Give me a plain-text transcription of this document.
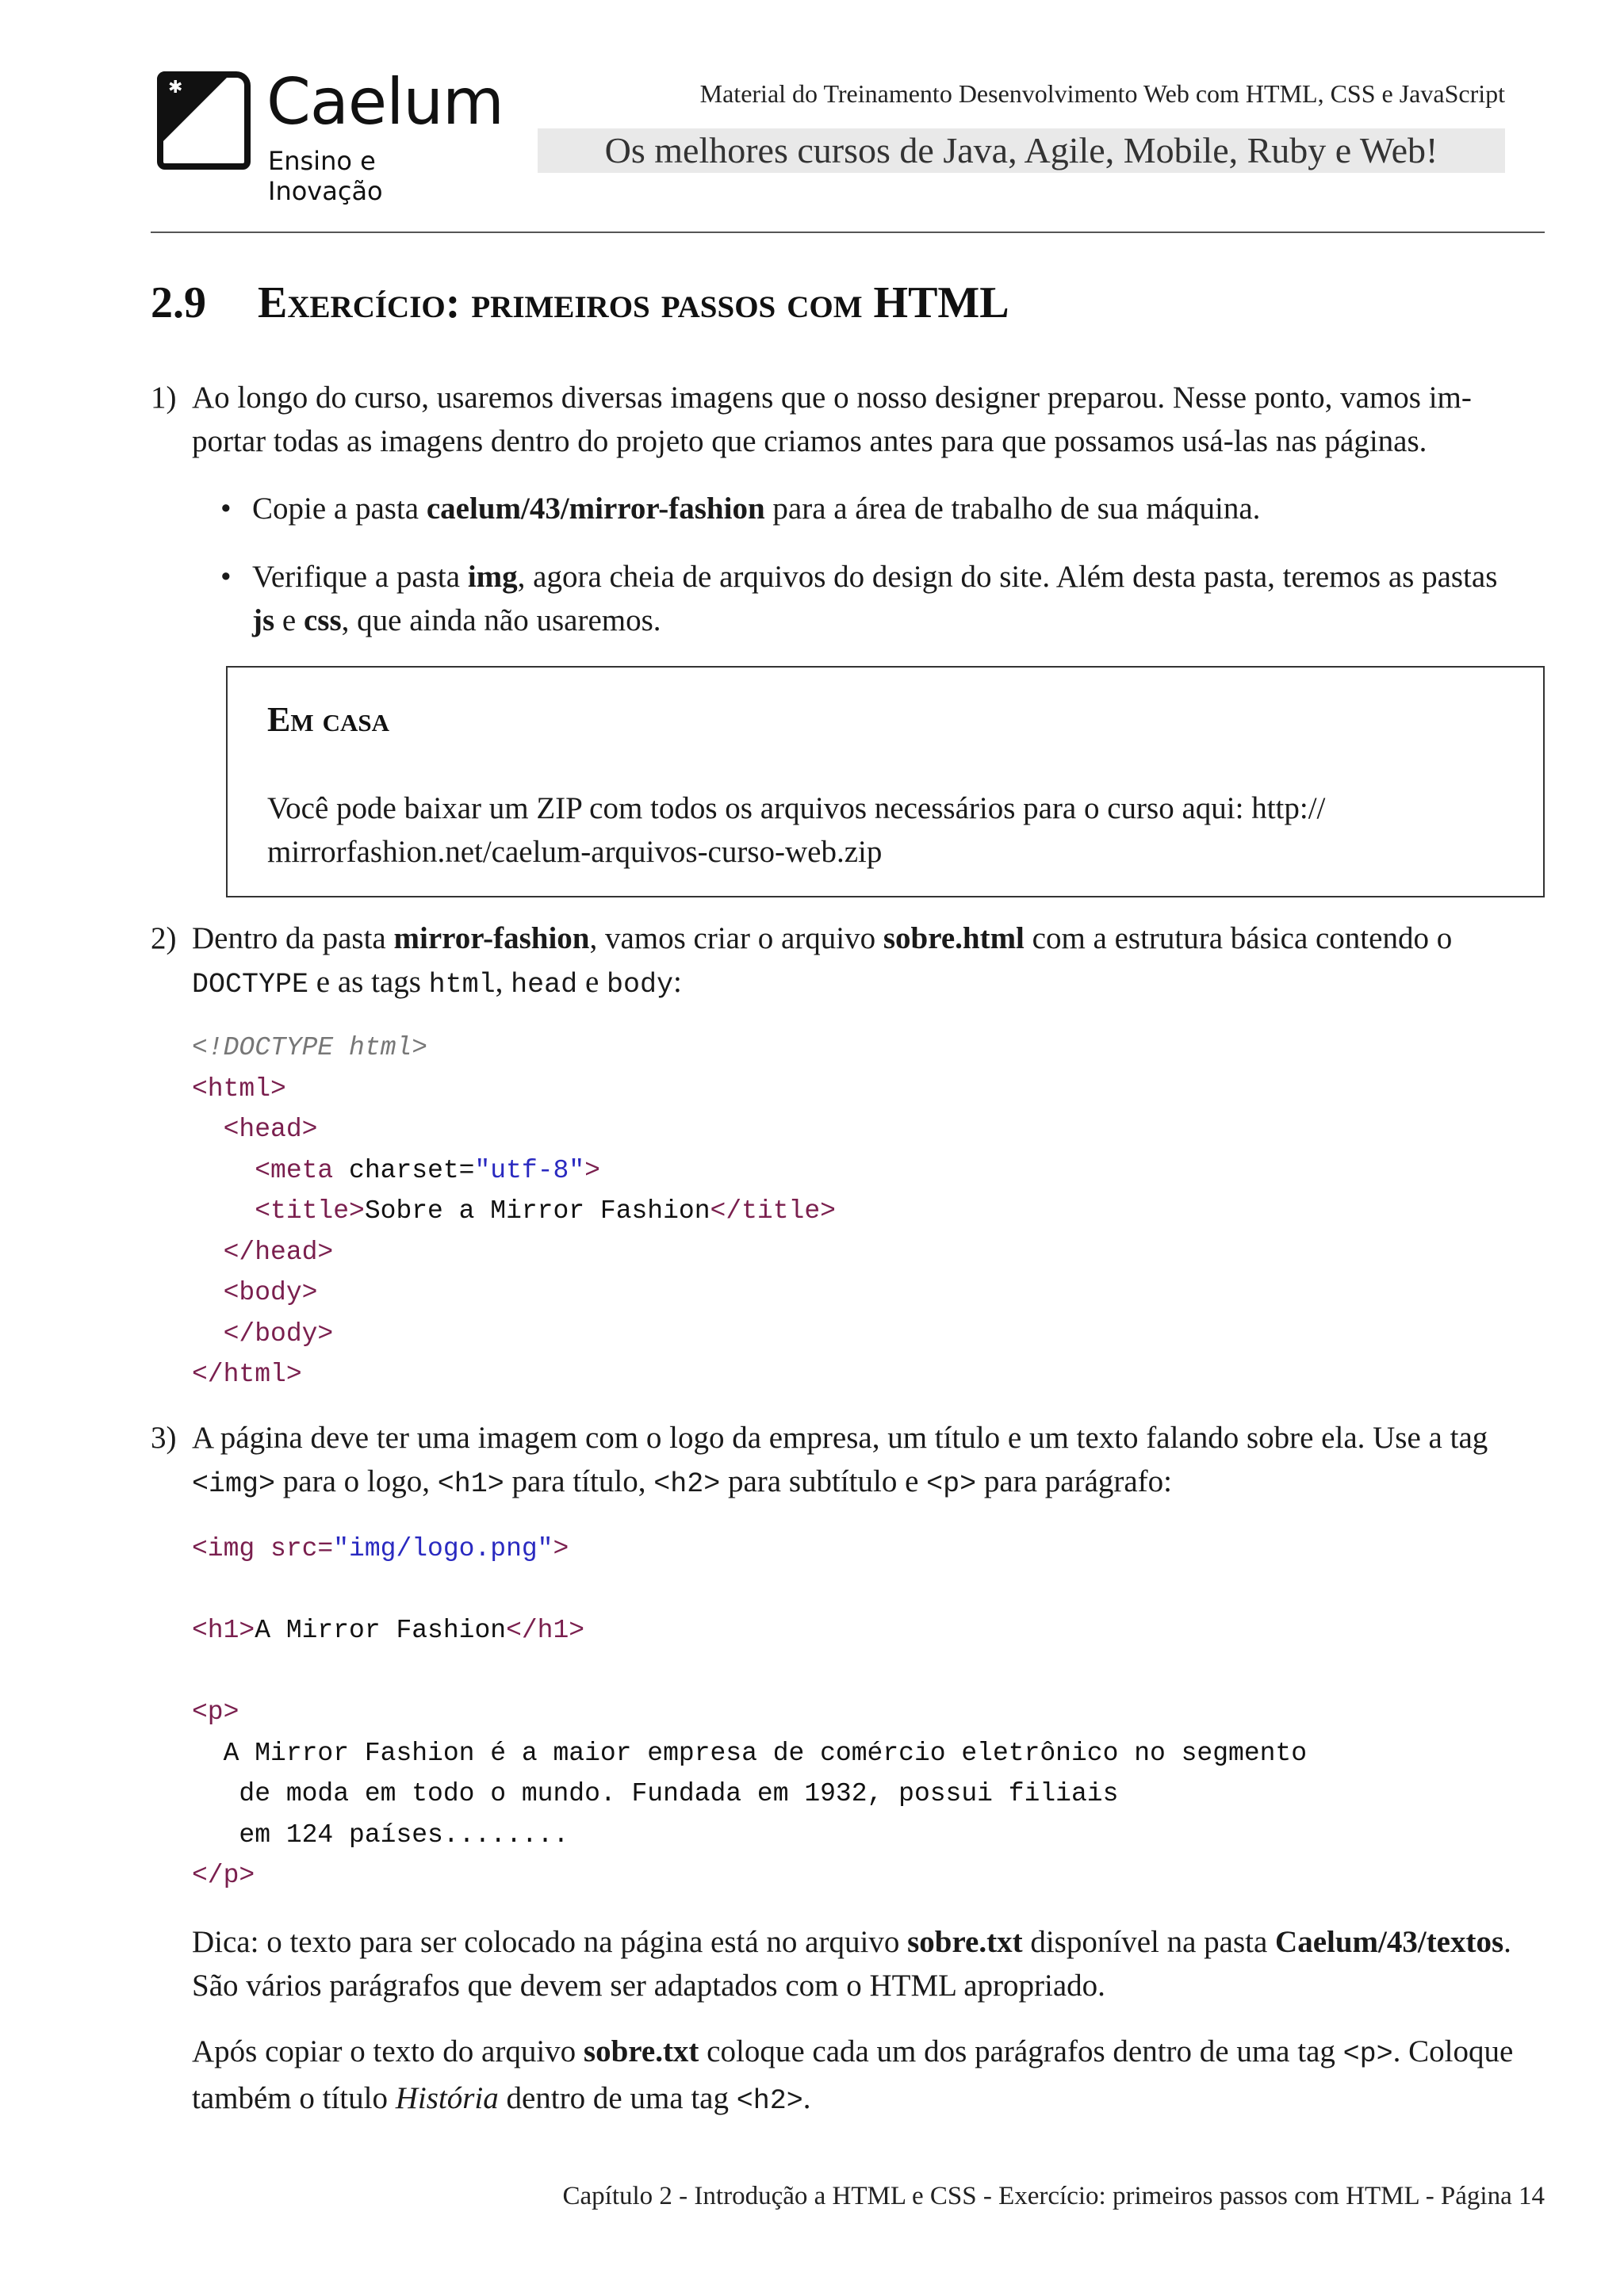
✱ Caelum
Ensino e Inovação
Material do Treinamento Desenvolvimento Web com HTML, CSS e JavaScript
Os melhores cursos de Java, Agile, Mobile, Ruby e Web!
2.9 Exercício: primeiros passos com HTML
1) Ao longo do curso, usaremos diversas imagens que o nosso designer preparou. Nesse ponto, vamos im-
portar todas as imagens dentro do projeto que criamos antes para que possamos usá-las nas páginas.
• Copie a pasta caelum/43/mirror-fashion para a área de trabalho de sua máquina.
• Verifique a pasta img, agora cheia de arquivos do design do site. Além desta pasta, teremos as pastas
js e css, que ainda não usaremos.
Em casa
Você pode baixar um ZIP com todos os arquivos necessários para o curso aqui: http://
mirrorfashion.net/caelum-arquivos-curso-web.zip
2) Dentro da pasta mirror-fashion, vamos criar o arquivo sobre.html com a estrutura básica contendo o
DOCTYPE e as tags html, head e body:
<!DOCTYPE html>
<html>
<head>
<meta charset="utf-8">
<title>Sobre a Mirror Fashion</title>
</head>
<body>
</body>
</html>
3) A página deve ter uma imagem com o logo da empresa, um título e um texto falando sobre ela. Use a tag
<img> para o logo, <h1> para título, <h2> para subtítulo e <p> para parágrafo:
<img src="img/logo.png">

<h1>A Mirror Fashion</h1>

<p>
A Mirror Fashion é a maior empresa de comércio eletrônico no segmento
de moda em todo o mundo. Fundada em 1932, possui filiais
em 124 países........
</p>
Dica: o texto para ser colocado na página está no arquivo sobre.txt disponível na pasta Caelum/43/textos.
São vários parágrafos que devem ser adaptados com o HTML apropriado.
Após copiar o texto do arquivo sobre.txt coloque cada um dos parágrafos dentro de uma tag <p>. Coloque
também o título História dentro de uma tag <h2>.
Capítulo 2 - Introdução a HTML e CSS - Exercício: primeiros passos com HTML - Página 14
